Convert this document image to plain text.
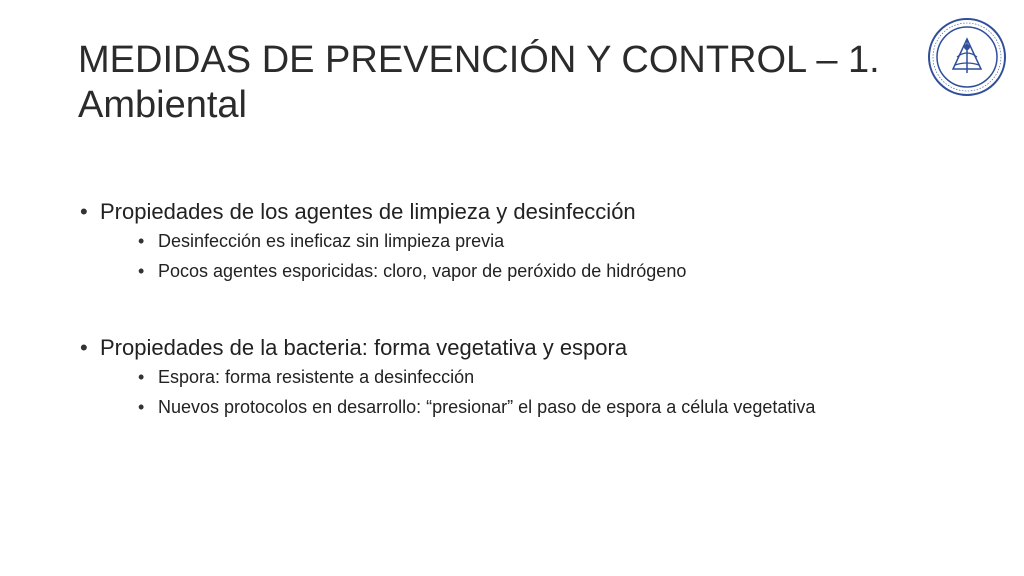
MEDIDAS DE PREVENCIÓN Y CONTROL – 1. Ambiental
• Propiedades de los agentes de limpieza y desinfección
• Desinfección es ineficaz sin limpieza previa
• Pocos agentes esporicidas: cloro, vapor de peróxido de hidrógeno
• Propiedades de la bacteria: forma vegetativa y espora
• Espora: forma resistente a desinfección
• Nuevos protocolos en desarrollo: “presionar” el paso de espora a célula vegetativa
